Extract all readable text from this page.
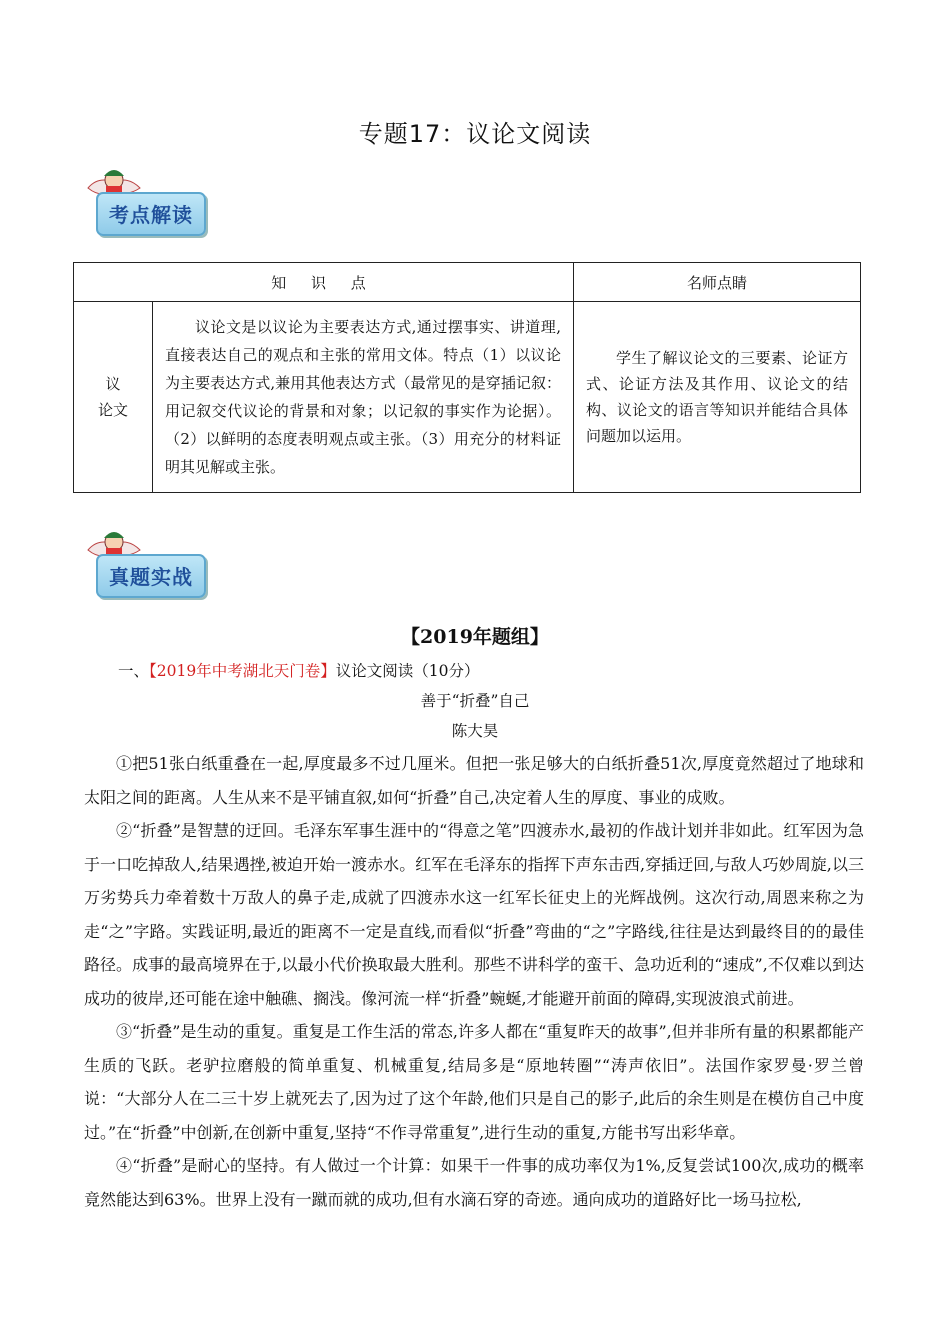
专题17：议论文阅读
考点解读
知 识 点		名师点睛
议
论文	议论文是以议论为主要表达方式,通过摆事实、讲道理,直接表达自己的观点和主张的常用文体。特点（1）以议论为主要表达方式,兼用其他表达方式（最常见的是穿插记叙：用记叙交代议论的背景和对象；以记叙的事实作为论据）。（2）以鲜明的态度表明观点或主张。（3）用充分的材料证明其见解或主张。	学生了解议论文的三要素、论证方式、论证方法及其作用、议论文的结构、议论文的语言等知识并能结合具体问题加以运用。
真题实战
【2019年题组】
一、【2019年中考湖北天门卷】议论文阅读（10分）
善于“折叠”自己
陈大昊

①把51张白纸重叠在一起,厚度最多不过几厘米。但把一张足够大的白纸折叠51次,厚度竟然超过了地球和太阳之间的距离。人生从来不是平铺直叙,如何“折叠”自己,决定着人生的厚度、事业的成败。

②“折叠”是智慧的迂回。毛泽东军事生涯中的“得意之笔”四渡赤水,最初的作战计划并非如此。红军因为急于一口吃掉敌人,结果遇挫,被迫开始一渡赤水。红军在毛泽东的指挥下声东击西,穿插迂回,与敌人巧妙周旋,以三万劣势兵力牵着数十万敌人的鼻子走,成就了四渡赤水这一红军长征史上的光辉战例。这次行动,周恩来称之为走“之”字路。实践证明,最近的距离不一定是直线,而看似“折叠”弯曲的“之”字路线,往往是达到最终目的的最佳路径。成事的最高境界在于,以最小代价换取最大胜利。那些不讲科学的蛮干、急功近利的“速成”,不仅难以到达成功的彼岸,还可能在途中触礁、搁浅。像河流一样“折叠”蜿蜒,才能避开前面的障碍,实现波浪式前进。

③“折叠”是生动的重复。重复是工作生活的常态,许多人都在“重复昨天的故事”,但并非所有量的积累都能产生质的飞跃。老驴拉磨般的简单重复、机械重复,结局多是“原地转圈”“涛声依旧”。法国作家罗曼·罗兰曾说：“大部分人在二三十岁上就死去了,因为过了这个年龄,他们只是自己的影子,此后的余生则是在模仿自己中度过。”在“折叠”中创新,在创新中重复,坚持“不作寻常重复”,进行生动的重复,方能书写出彩华章。

④“折叠”是耐心的坚持。有人做过一个计算：如果干一件事的成功率仅为1%,反复尝试100次,成功的概率竟然能达到63%。世界上没有一蹴而就的成功,但有水滴石穿的奇迹。通向成功的道路好比一场马拉松,
